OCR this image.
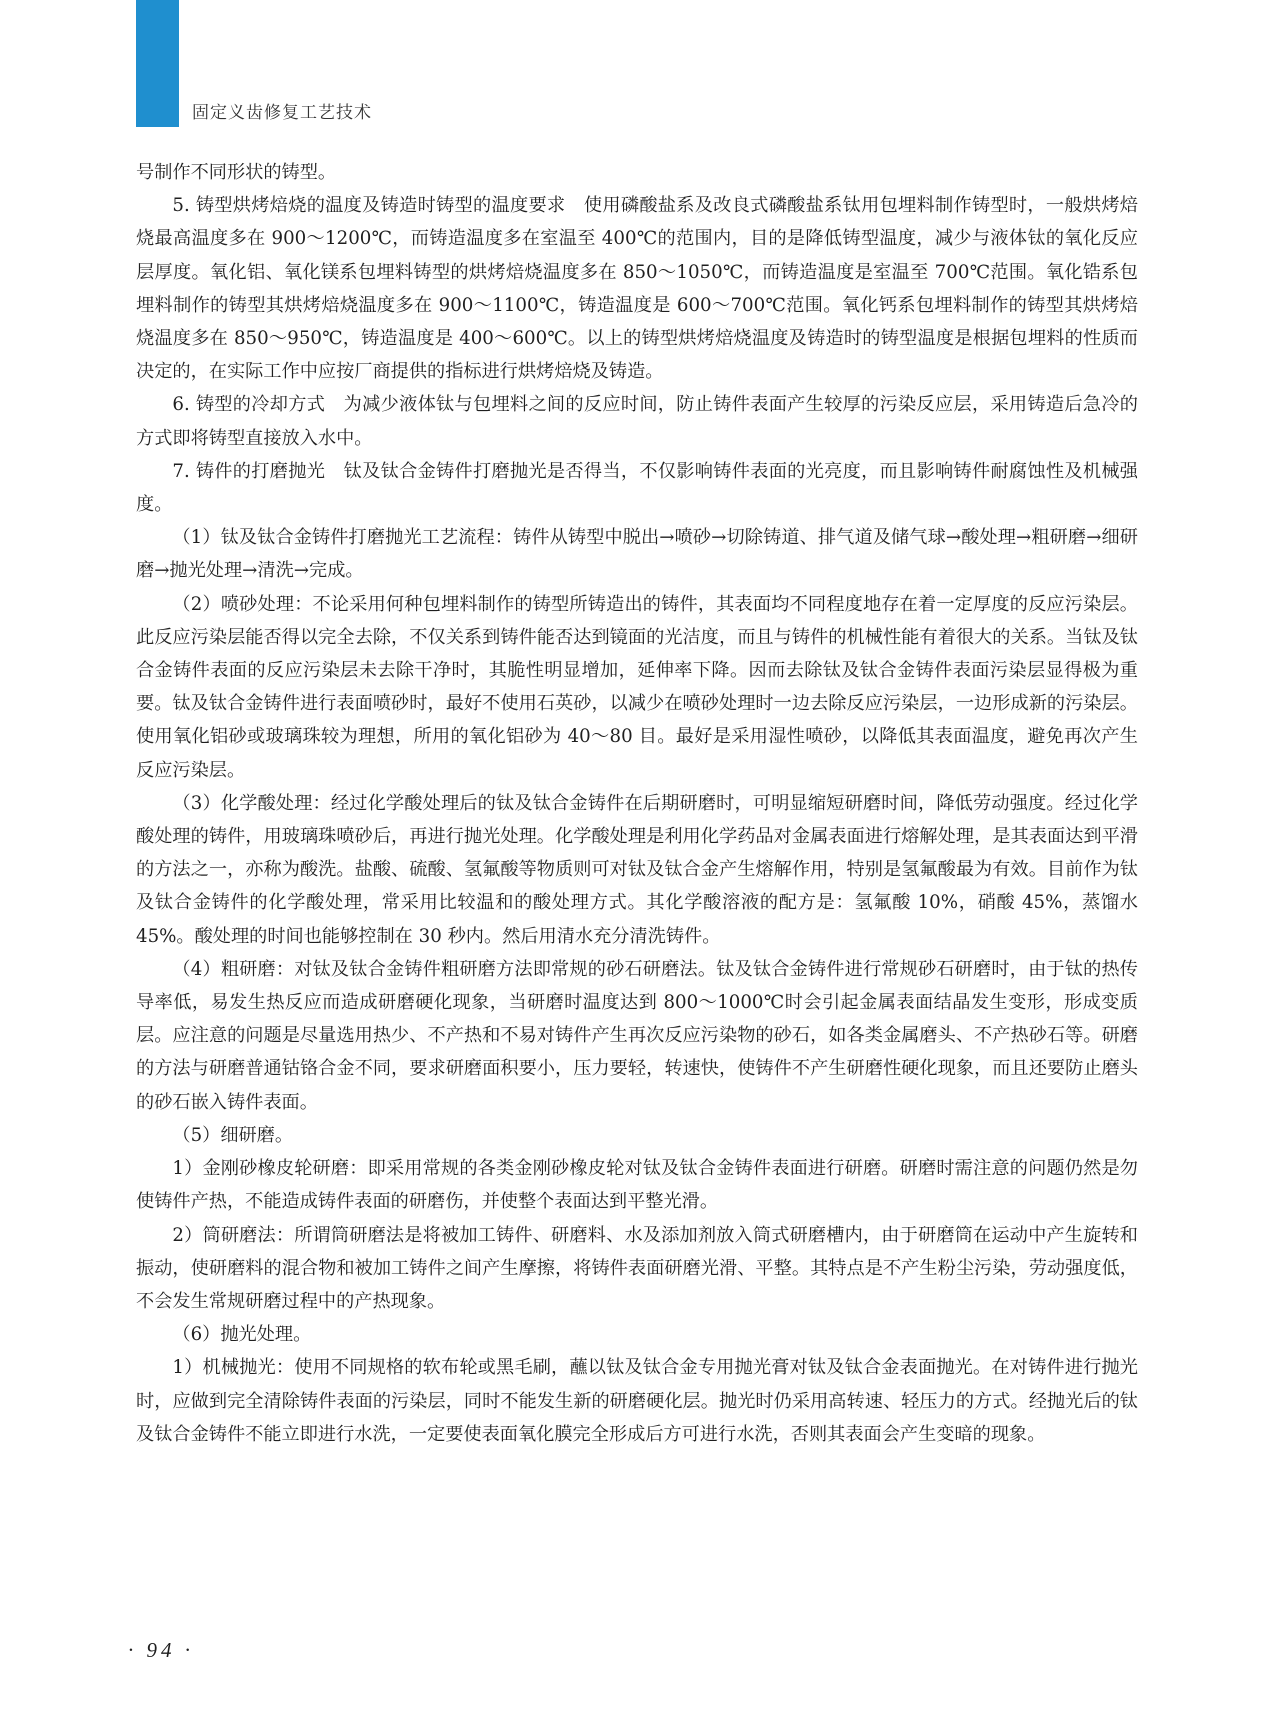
固定义齿修复工艺技术

号制作不同形状的铸型。

5. 铸型烘烤焙烧的温度及铸造时铸型的温度要求　使用磷酸盐系及改良式磷酸盐系钛用包埋料制作铸型时，一般烘烤焙烧最高温度多在 900～1200℃，而铸造温度多在室温至 400℃的范围内，目的是降低铸型温度，减少与液体钛的氧化反应层厚度。氧化铝、氧化镁系包埋料铸型的烘烤焙烧温度多在 850～1050℃，而铸造温度是室温至 700℃范围。氧化锆系包埋料制作的铸型其烘烤焙烧温度多在 900～1100℃，铸造温度是 600～700℃范围。氧化钙系包埋料制作的铸型其烘烤焙烧温度多在 850～950℃，铸造温度是 400～600℃。以上的铸型烘烤焙烧温度及铸造时的铸型温度是根据包埋料的性质而决定的，在实际工作中应按厂商提供的指标进行烘烤焙烧及铸造。

6. 铸型的冷却方式　为减少液体钛与包埋料之间的反应时间，防止铸件表面产生较厚的污染反应层，采用铸造后急冷的方式即将铸型直接放入水中。

7. 铸件的打磨抛光　钛及钛合金铸件打磨抛光是否得当，不仅影响铸件表面的光亮度，而且影响铸件耐腐蚀性及机械强度。

（1）钛及钛合金铸件打磨抛光工艺流程：铸件从铸型中脱出→喷砂→切除铸道、排气道及储气球→酸处理→粗研磨→细研磨→抛光处理→清洗→完成。

（2）喷砂处理：不论采用何种包埋料制作的铸型所铸造出的铸件，其表面均不同程度地存在着一定厚度的反应污染层。此反应污染层能否得以完全去除，不仅关系到铸件能否达到镜面的光洁度，而且与铸件的机械性能有着很大的关系。当钛及钛合金铸件表面的反应污染层未去除干净时，其脆性明显增加，延伸率下降。因而去除钛及钛合金铸件表面污染层显得极为重要。钛及钛合金铸件进行表面喷砂时，最好不使用石英砂，以减少在喷砂处理时一边去除反应污染层，一边形成新的污染层。使用氧化铝砂或玻璃珠较为理想，所用的氧化铝砂为 40～80 目。最好是采用湿性喷砂，以降低其表面温度，避免再次产生反应污染层。

（3）化学酸处理：经过化学酸处理后的钛及钛合金铸件在后期研磨时，可明显缩短研磨时间，降低劳动强度。经过化学酸处理的铸件，用玻璃珠喷砂后，再进行抛光处理。化学酸处理是利用化学药品对金属表面进行熔解处理，是其表面达到平滑的方法之一，亦称为酸洗。盐酸、硫酸、氢氟酸等物质则可对钛及钛合金产生熔解作用，特别是氢氟酸最为有效。目前作为钛及钛合金铸件的化学酸处理，常采用比较温和的酸处理方式。其化学酸溶液的配方是：氢氟酸 10%，硝酸 45%，蒸馏水 45%。酸处理的时间也能够控制在 30 秒内。然后用清水充分清洗铸件。

（4）粗研磨：对钛及钛合金铸件粗研磨方法即常规的砂石研磨法。钛及钛合金铸件进行常规砂石研磨时，由于钛的热传导率低，易发生热反应而造成研磨硬化现象，当研磨时温度达到 800～1000℃时会引起金属表面结晶发生变形，形成变质层。应注意的问题是尽量选用热少、不产热和不易对铸件产生再次反应污染物的砂石，如各类金属磨头、不产热砂石等。研磨的方法与研磨普通钴铬合金不同，要求研磨面积要小，压力要轻，转速快，使铸件不产生研磨性硬化现象，而且还要防止磨头的砂石嵌入铸件表面。

（5）细研磨。

1）金刚砂橡皮轮研磨：即采用常规的各类金刚砂橡皮轮对钛及钛合金铸件表面进行研磨。研磨时需注意的问题仍然是勿使铸件产热，不能造成铸件表面的研磨伤，并使整个表面达到平整光滑。

2）筒研磨法：所谓筒研磨法是将被加工铸件、研磨料、水及添加剂放入筒式研磨槽内，由于研磨筒在运动中产生旋转和振动，使研磨料的混合物和被加工铸件之间产生摩擦，将铸件表面研磨光滑、平整。其特点是不产生粉尘污染，劳动强度低，不会发生常规研磨过程中的产热现象。

（6）抛光处理。

1）机械抛光：使用不同规格的软布轮或黑毛刷，蘸以钛及钛合金专用抛光膏对钛及钛合金表面抛光。在对铸件进行抛光时，应做到完全清除铸件表面的污染层，同时不能发生新的研磨硬化层。抛光时仍采用高转速、轻压力的方式。经抛光后的钛及钛合金铸件不能立即进行水洗，一定要使表面氧化膜完全形成后方可进行水洗，否则其表面会产生变暗的现象。

· 94 ·
